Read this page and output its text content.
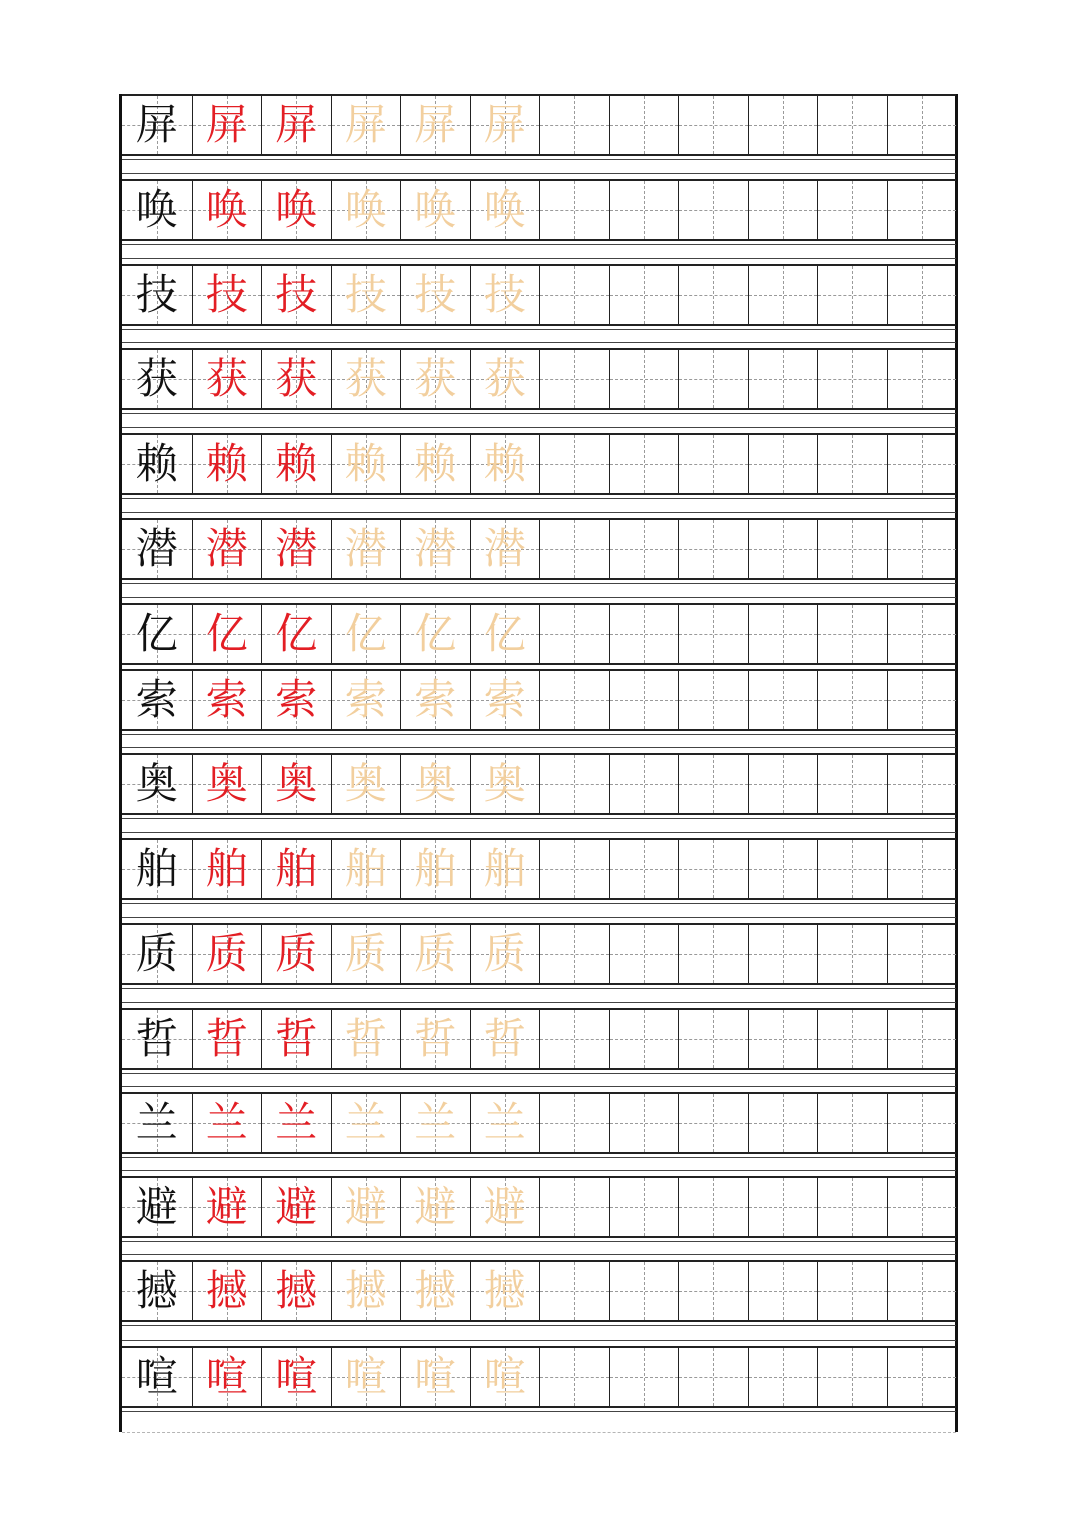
屏 屏 屏 屏 屏 屏
唤 唤 唤 唤 唤 唤
技 技 技 技 技 技
获 获 获 获 获 获
赖 赖 赖 赖 赖 赖
潜 潜 潜 潜 潜 潜
亿 亿 亿 亿 亿 亿
索 索 索 索 索 索
奥 奥 奥 奥 奥 奥
舶 舶 舶 舶 舶 舶
质 质 质 质 质 质
哲 哲 哲 哲 哲 哲
兰 兰 兰 兰 兰 兰
避 避 避 避 避 避
撼 撼 撼 撼 撼 撼
喧 喧 喧 喧 喧 喧
